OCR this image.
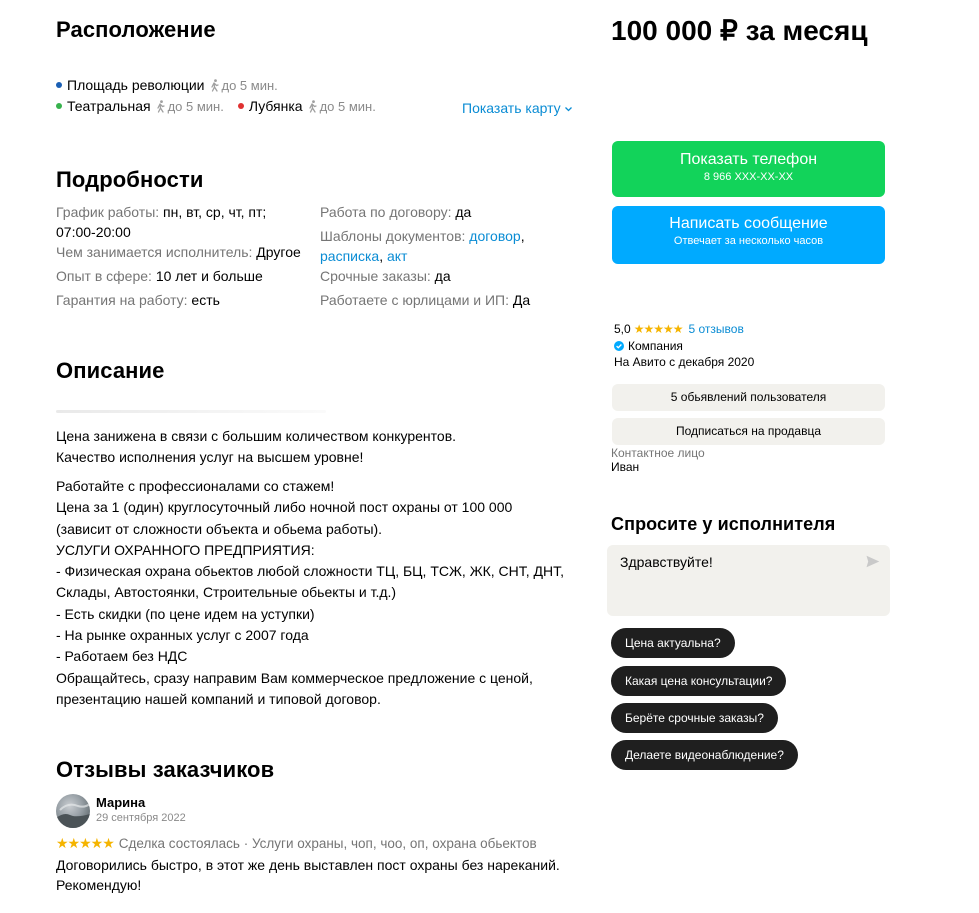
Расположение
Площадь революции до 5 мин.
Театральная до 5 мин. Лубянка до 5 мин.	Показать карту
Подробности
График работы: пн, вт, ср, чт, пт;
07:00-20:00
Чем занимается исполнитель: Другое
Опыт в сфере: 10 лет и больше
Гарантия на работу: есть
Работа по договору: да
Шаблоны документов: договор, расписка, акт
Срочные заказы: да
Работаете с юрлицами и ИП: Да
Описание
Цена занижена в связи с большим количеством конкурентов.
Качество исполнения услуг на высшем уровне!
Работайте с профессионалами со стажем!
Цена за 1 (один) круглосуточный либо ночной пост охраны от 100 000
(зависит от сложности объекта и обьема работы).
УСЛУГИ ОХРАННОГО ПРЕДПРИЯТИЯ:
- Физическая охрана обьектов любой сложности ТЦ, БЦ, ТСЖ, ЖК, СНТ, ДНТ,
Склады, Автостоянки, Строительные обьекты и т.д.)
- Есть скидки (по цене идем на уступки)
- На рынке охранных услуг с 2007 года
- Работаем без НДС
Обращайтесь, сразу направим Вам коммерческое предложение с ценой,
презентацию нашей компаний и типовой договор.
Отзывы заказчиков
Марина
29 сентября 2022
★★★★★ Сделка состоялась · Услуги охраны, чоп, чоо, оп, охрана обьектов
Договорились быстро, в этот же день выставлен пост охраны без нареканий.
Рекомендую!
100 000 ₽ за месяц
Показать телефон
8 966 XXX-XX-XX
Написать сообщение
Отвечает за несколько часов
5,0 ★★★★★ 5 отзывов
Компания
На Авито с декабря 2020
5 обьявлений пользователя
Подписаться на продавца
Контактное лицо
Иван
Спросите у исполнителя
Здравствуйте!
Цена актуальна?
Какая цена консультации?
Берёте срочные заказы?
Делаете видеонаблюдение?
